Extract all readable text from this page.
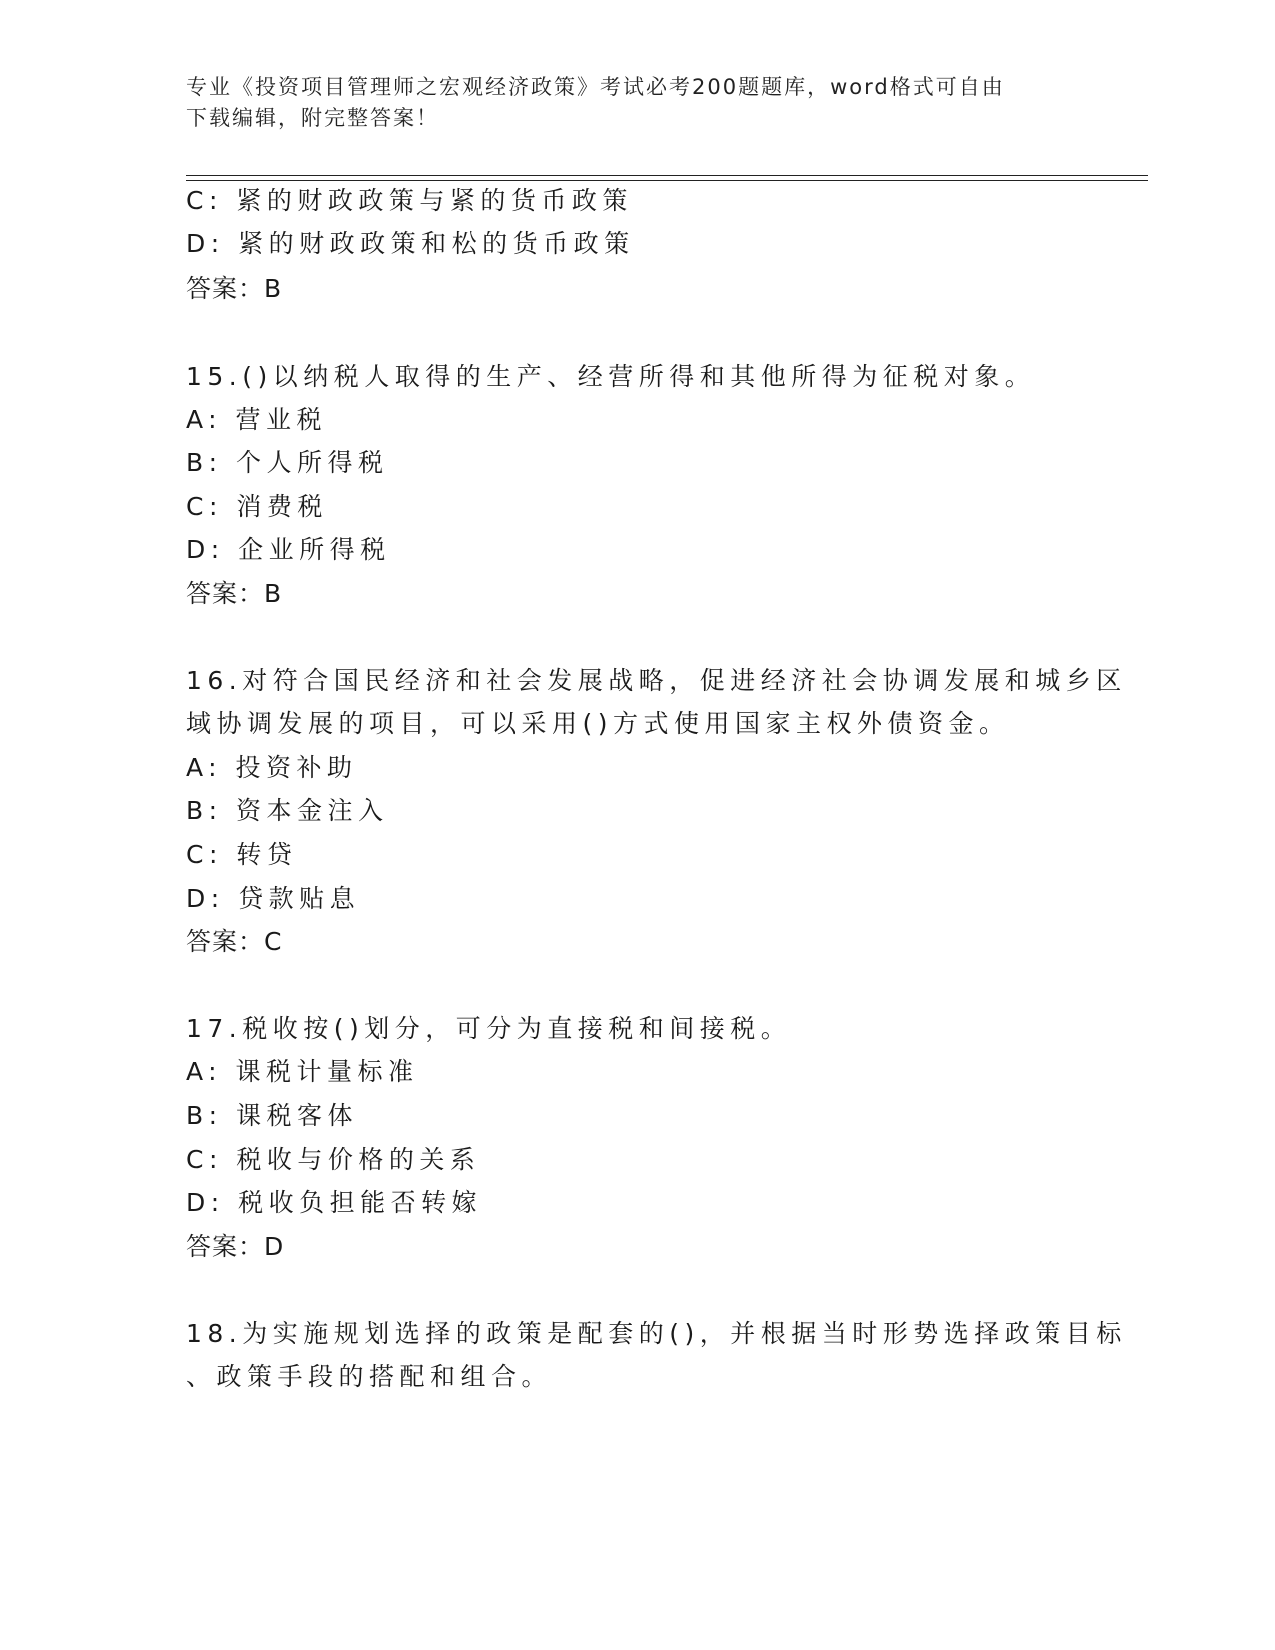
专业《投资项目管理师之宏观经济政策》考试必考200题题库，word格式可自由
下载编辑，附完整答案！
C: 紧的财政政策与紧的货币政策
D: 紧的财政政策和松的货币政策
答案：B
15.()以纳税人取得的生产、经营所得和其他所得为征税对象。
A: 营业税
B: 个人所得税
C: 消费税
D: 企业所得税
答案：B
16.对符合国民经济和社会发展战略，促进经济社会协调发展和城乡区
域协调发展的项目，可以采用()方式使用国家主权外债资金。
A: 投资补助
B: 资本金注入
C: 转贷
D: 贷款贴息
答案：C
17.税收按()划分，可分为直接税和间接税。
A: 课税计量标准
B: 课税客体
C: 税收与价格的关系
D: 税收负担能否转嫁
答案：D
18.为实施规划选择的政策是配套的()，并根据当时形势选择政策目标
、政策手段的搭配和组合。
